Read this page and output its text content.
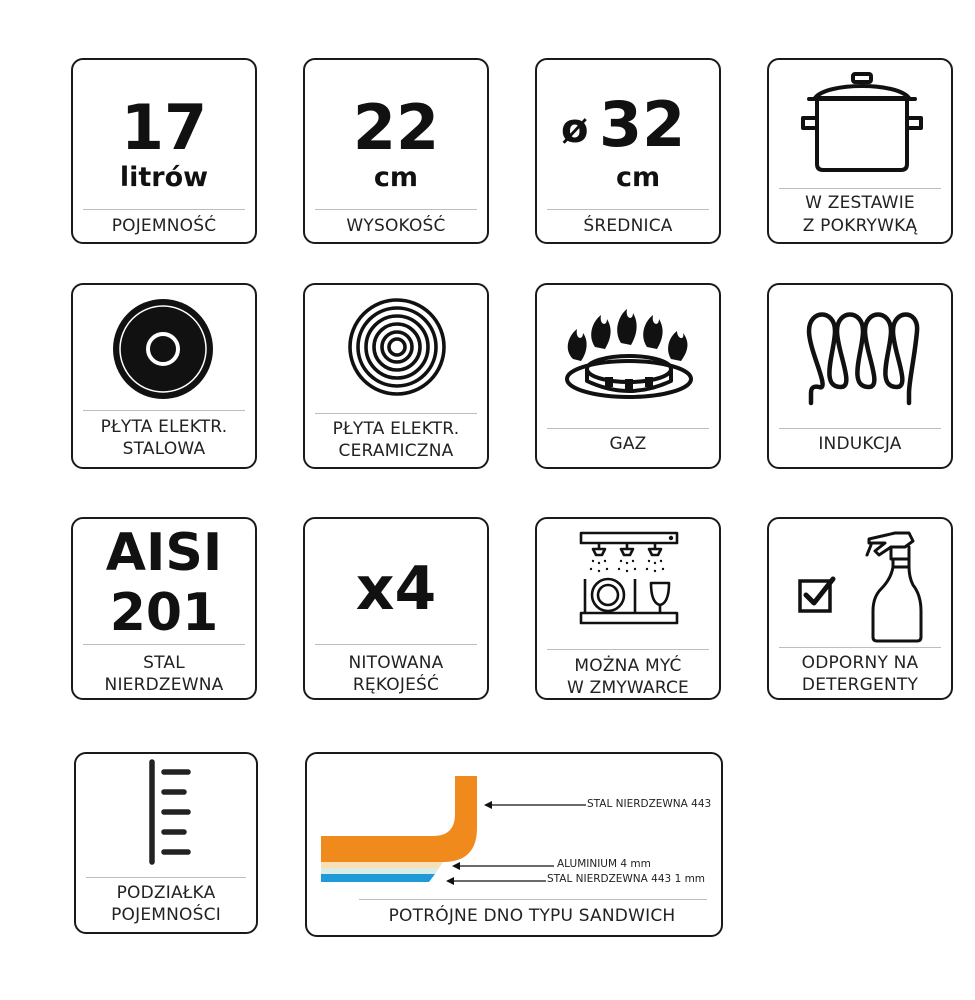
17
litrów
POJEMNOŚĆ
22
cm
WYSOKOŚĆ
ø 32
cm
ŚREDNICA
W ZESTAWIE
Z POKRYWKĄ
PŁYTA ELEKTR.
STALOWA
PŁYTA ELEKTR.
CERAMICZNA	GAZ	INDUKCJA
AISI
201
STAL
NIERDZEWNA
x4
NITOWANA
RĘKOJEŚĆ
MOŻNA MYĆ
W ZMYWARCE
ODPORNY NA
DETERGENTY
PODZIAŁKA
POJEMNOŚCI
STAL NIERDZEWNA 443
ALUMINIUM 4 mm
STAL NIERDZEWNA 443 1 mm
POTRÓJNE DNO TYPU SANDWICH
